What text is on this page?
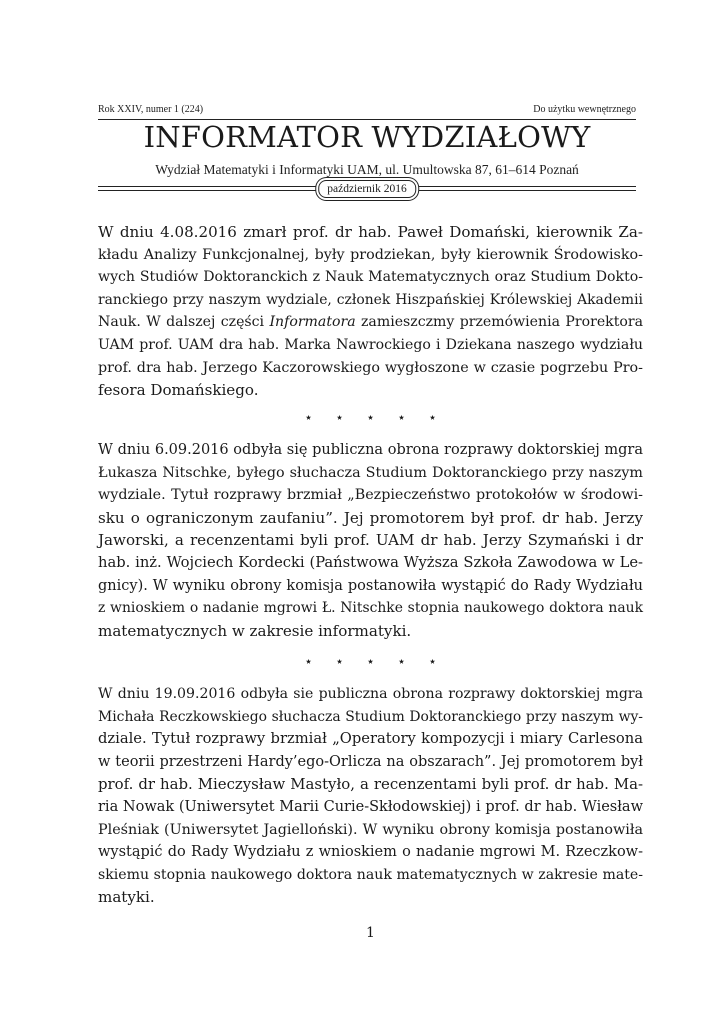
Rok XXIV, numer 1 (224)	Do użytku wewnętrznego
INFORMATOR WYDZIAŁOWY
Wydział Matematyki i Informatyki UAM, ul. Umultowska 87, 61–614 Poznań
październik 2016
W dniu 4.08.2016 zmarł prof. dr hab. Paweł Domański, kierownik Za-
kładu Analizy Funkcjonalnej, były prodziekan, były kierownik Środowisko-
wych Studiów Doktoranckich z Nauk Matematycznych oraz Studium Dokto-
ranckiego przy naszym wydziale, członek Hiszpańskiej Królewskiej Akademii
Nauk. W dalszej części Informatora zamieszczmy przemówienia Prorektora
UAM prof. UAM dra hab. Marka Nawrockiego i Dziekana naszego wydziału
prof. dra hab. Jerzego Kaczorowskiego wygłoszone w czasie pogrzebu Pro-
fesora Domańskiego.
⋆ ⋆ ⋆ ⋆ ⋆
W dniu 6.09.2016 odbyła się publiczna obrona rozprawy doktorskiej mgra
Łukasza Nitschke, byłego słuchacza Studium Doktoranckiego przy naszym
wydziale. Tytuł rozprawy brzmiał „Bezpieczeństwo protokołów w środowi-
sku o ograniczonym zaufaniu”. Jej promotorem był prof. dr hab. Jerzy
Jaworski, a recenzentami byli prof. UAM dr hab. Jerzy Szymański i dr
hab. inż. Wojciech Kordecki (Państwowa Wyższa Szkoła Zawodowa w Le-
gnicy). W wyniku obrony komisja postanowiła wystąpić do Rady Wydziału
z wnioskiem o nadanie mgrowi Ł. Nitschke stopnia naukowego doktora nauk
matematycznych w zakresie informatyki.
⋆ ⋆ ⋆ ⋆ ⋆
W dniu 19.09.2016 odbyła sie publiczna obrona rozprawy doktorskiej mgra
Michała Reczkowskiego słuchacza Studium Doktoranckiego przy naszym wy-
dziale. Tytuł rozprawy brzmiał „Operatory kompozycji i miary Carlesona
w teorii przestrzeni Hardy’ego-Orlicza na obszarach”. Jej promotorem był
prof. dr hab. Mieczysław Mastyło, a recenzentami byli prof. dr hab. Ma-
ria Nowak (Uniwersytet Marii Curie-Skłodowskiej) i prof. dr hab. Wiesław
Pleśniak (Uniwersytet Jagielloński). W wyniku obrony komisja postanowiła
wystąpić do Rady Wydziału z wnioskiem o nadanie mgrowi M. Rzeczkow-
skiemu stopnia naukowego doktora nauk matematycznych w zakresie mate-
matyki.
1
